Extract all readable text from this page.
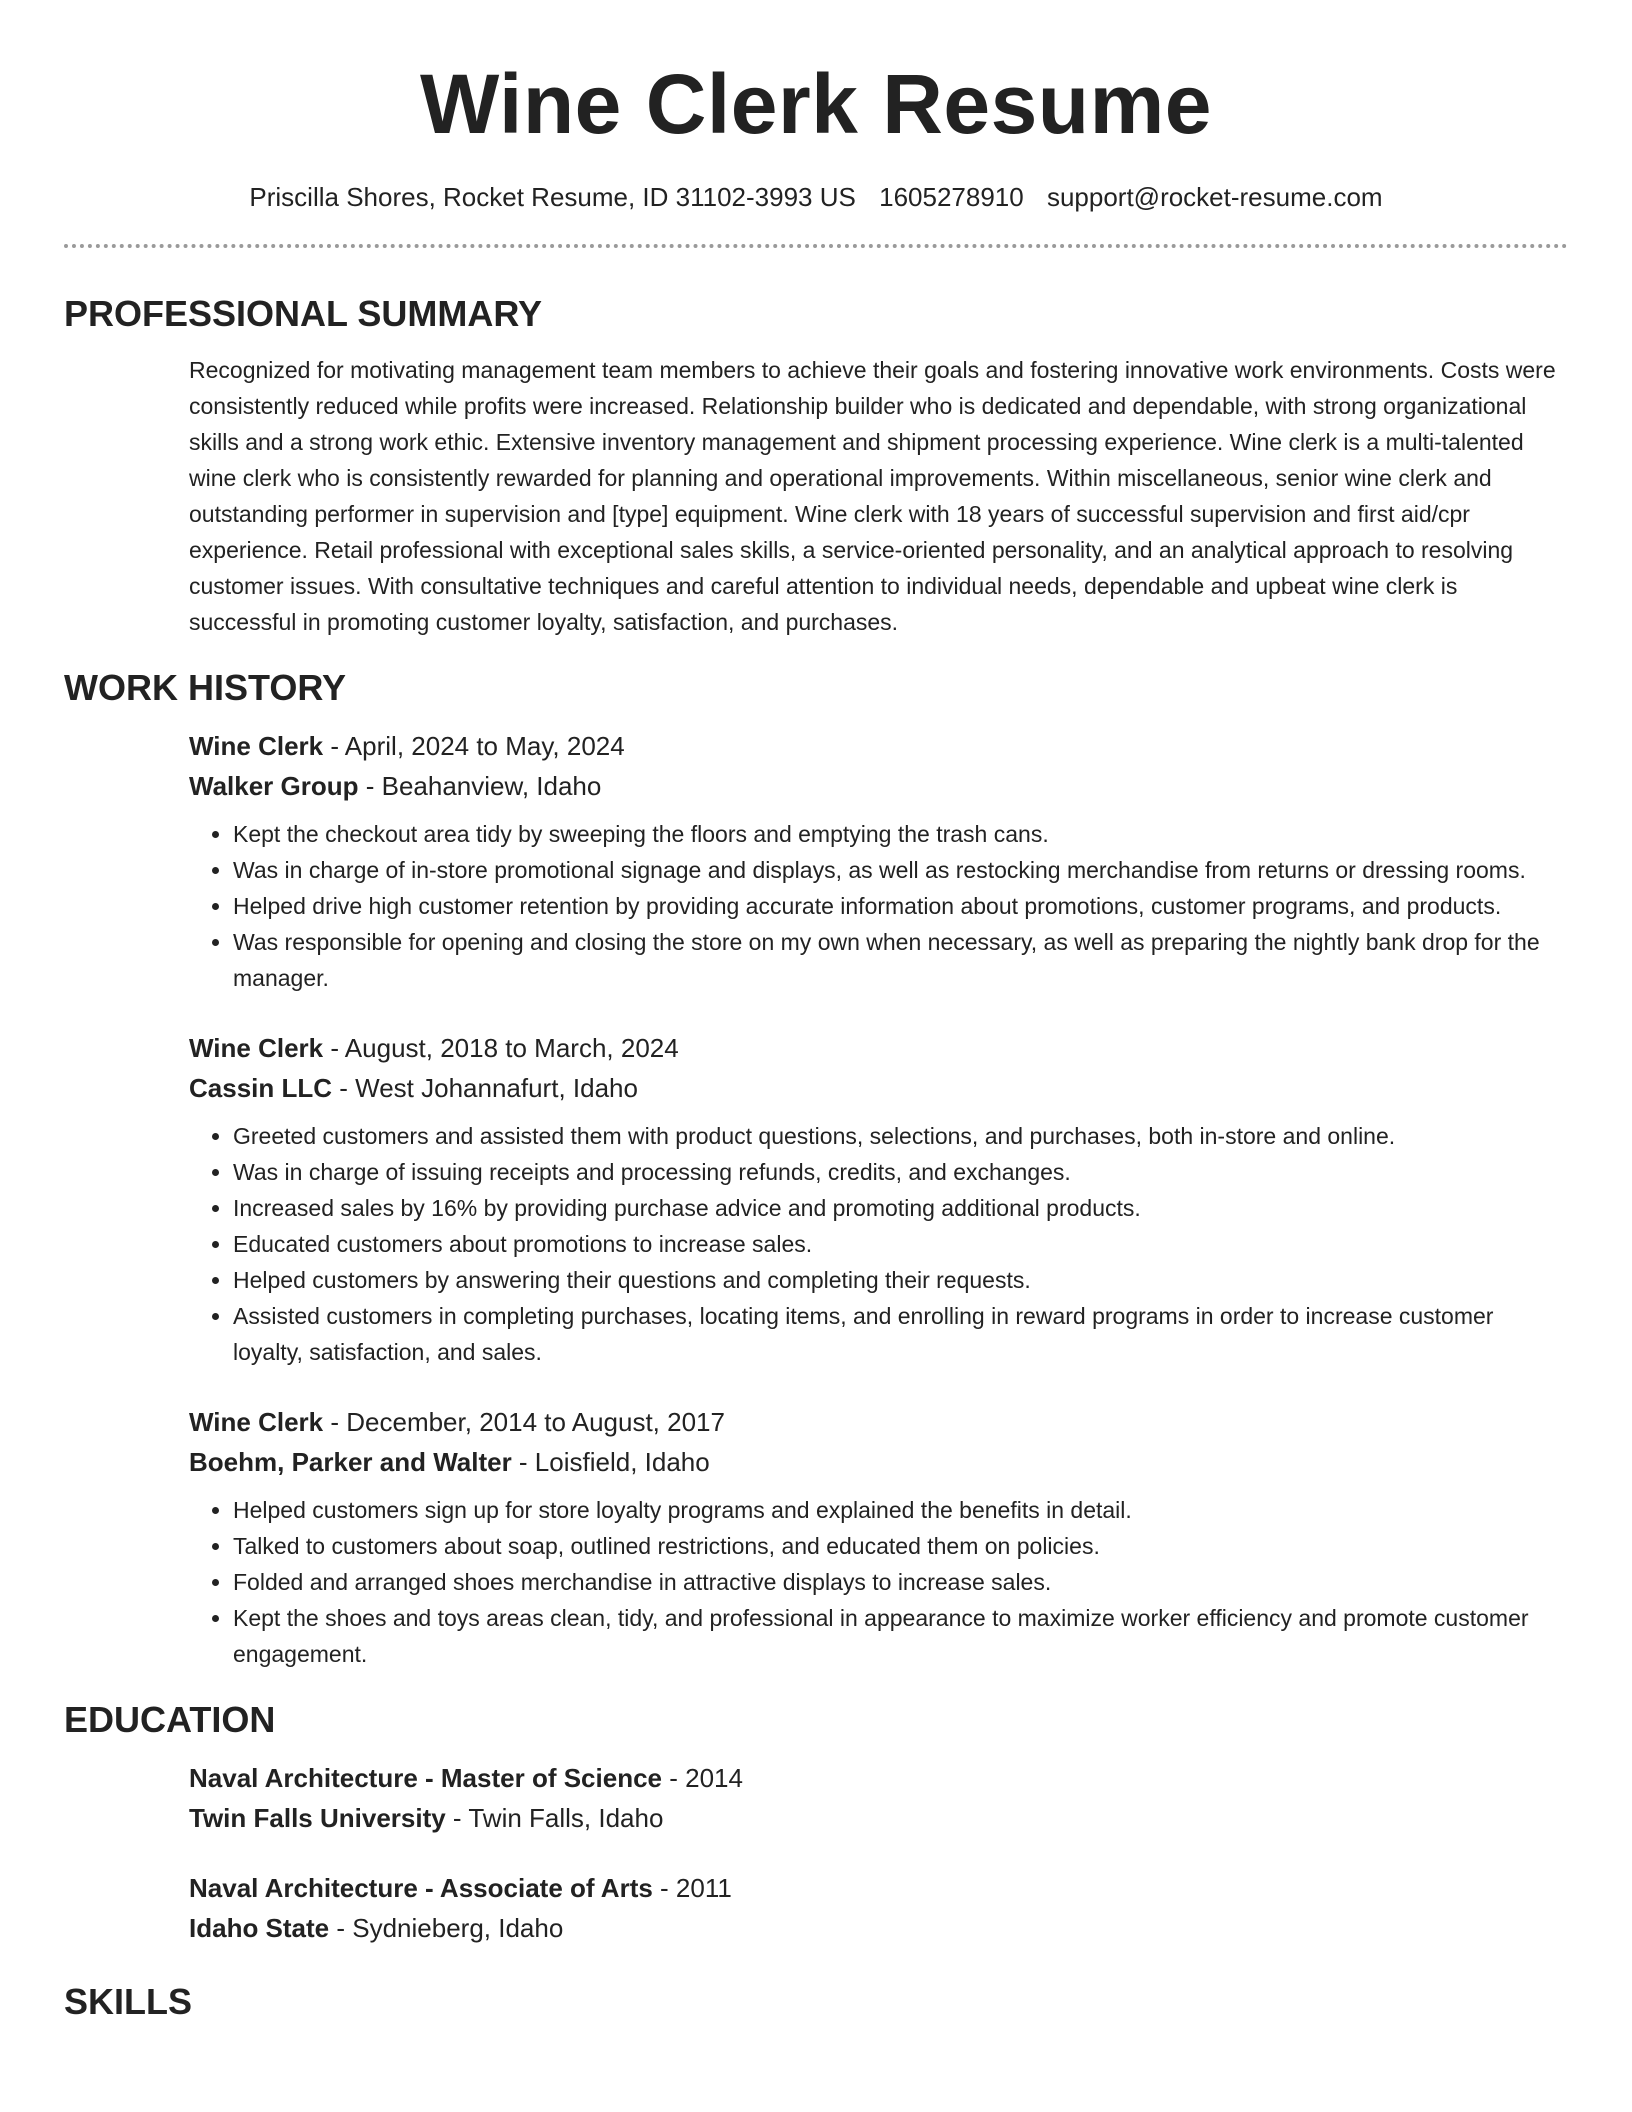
Wine Clerk Resume
Priscilla Shores, Rocket Resume, ID 31102-3993 US 1605278910 support@rocket-resume.com
PROFESSIONAL SUMMARY

Recognized for motivating management team members to achieve their goals and fostering innovative work environments. Costs were consistently reduced while profits were increased. Relationship builder who is dedicated and dependable, with strong organizational skills and a strong work ethic. Extensive inventory management and shipment processing experience. Wine clerk is a multi-talented wine clerk who is consistently rewarded for planning and operational improvements. Within miscellaneous, senior wine clerk and outstanding performer in supervision and [type] equipment. Wine clerk with 18 years of successful supervision and first aid/cpr experience. Retail professional with exceptional sales skills, a service-oriented personality, and an analytical approach to resolving customer issues. With consultative techniques and careful attention to individual needs, dependable and upbeat wine clerk is successful in promoting customer loyalty, satisfaction, and purchases.

WORK HISTORY
Wine Clerk - April, 2024 to May, 2024
Walker Group - Beahanview, Idaho
• Kept the checkout area tidy by sweeping the floors and emptying the trash cans.
• Was in charge of in-store promotional signage and displays, as well as restocking merchandise from returns or dressing rooms.
• Helped drive high customer retention by providing accurate information about promotions, customer programs, and products.
• Was responsible for opening and closing the store on my own when necessary, as well as preparing the nightly bank drop for the manager.
Wine Clerk - August, 2018 to March, 2024
Cassin LLC - West Johannafurt, Idaho
• Greeted customers and assisted them with product questions, selections, and purchases, both in-store and online.
• Was in charge of issuing receipts and processing refunds, credits, and exchanges.
• Increased sales by 16% by providing purchase advice and promoting additional products.
• Educated customers about promotions to increase sales.
• Helped customers by answering their questions and completing their requests.
• Assisted customers in completing purchases, locating items, and enrolling in reward programs in order to increase customer loyalty, satisfaction, and sales.
Wine Clerk - December, 2014 to August, 2017
Boehm, Parker and Walter - Loisfield, Idaho
• Helped customers sign up for store loyalty programs and explained the benefits in detail.
• Talked to customers about soap, outlined restrictions, and educated them on policies.
• Folded and arranged shoes merchandise in attractive displays to increase sales.
• Kept the shoes and toys areas clean, tidy, and professional in appearance to maximize worker efficiency and promote customer engagement.
EDUCATION
Naval Architecture - Master of Science - 2014
Twin Falls University - Twin Falls, Idaho
Naval Architecture - Associate of Arts - 2011
Idaho State - Sydnieberg, Idaho
SKILLS
